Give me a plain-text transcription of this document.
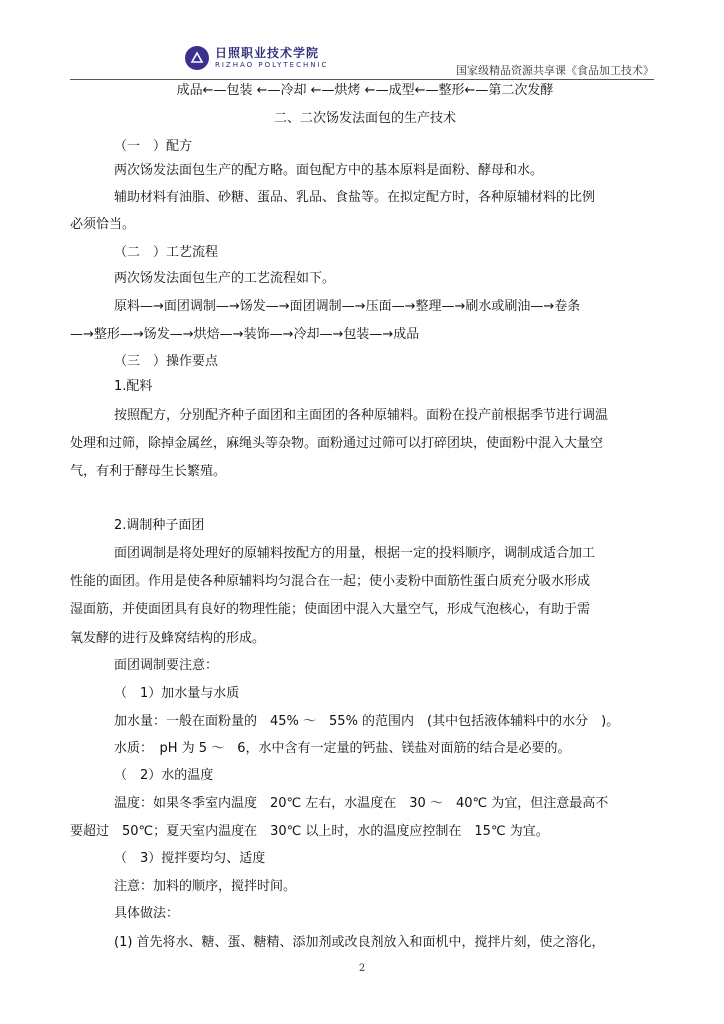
日照职业技术学院
RIZHAO POLYTECHNIC	国家级精品资源共享课《食品加工技术》
成品←—包装 ←—冷却 ←—烘烤 ←—成型←—整形←—第二次发酵
二、二次饧发法面包的生产技术
（一　）配方
两次饧发法面包生产的配方略。面包配方中的基本原料是面粉、酵母和水。
辅助材料有油脂、砂糖、蛋品、乳品、食盐等。在拟定配方时，各种原辅材料的比例
必须恰当。
（二　）工艺流程
两次饧发法面包生产的工艺流程如下。
原料—→面团调制—→饧发—→面团调制—→压面—→整理—→刷水或刷油—→卷条
—→整形—→饧发—→烘焙—→装饰—→冷却—→包装—→成品
（三　）操作要点
1.配料
按照配方，分别配齐种子面团和主面团的各种原辅料。面粉在投产前根据季节进行调温
处理和过筛，除掉金属丝，麻绳头等杂物。面粉通过过筛可以打碎团块，使面粉中混入大量空
气，有利于酵母生长繁殖。
2.调制种子面团
面团调制是将处理好的原辅料按配方的用量，根据一定的投料顺序，调制成适合加工
性能的面团。作用是使各种原辅料均匀混合在一起；使小麦粉中面筋性蛋白质充分吸水形成
湿面筋，并使面团具有良好的物理性能；使面团中混入大量空气，形成气泡核心，有助于需
氧发酵的进行及蜂窝结构的形成。
面团调制要注意：
（　1）加水量与水质
加水量：一般在面粉量的　45% ～　55% 的范围内　(其中包括液体辅料中的水分　)。
水质：　pH 为 5 ～　6，水中含有一定量的钙盐、镁盐对面筋的结合是必要的。
（　2）水的温度
温度：如果冬季室内温度　20℃ 左右，水温度在　30 ～　40℃ 为宜，但注意最高不
要超过　50℃；夏天室内温度在　30℃ 以上时，水的温度应控制在　15℃ 为宜。
（　3）搅拌要均匀、适度
注意：加料的顺序，搅拌时间。
具体做法：
(1) 首先将水、糖、蛋、糖精、添加剂或改良剂放入和面机中，搅拌片刻，使之溶化，
2
